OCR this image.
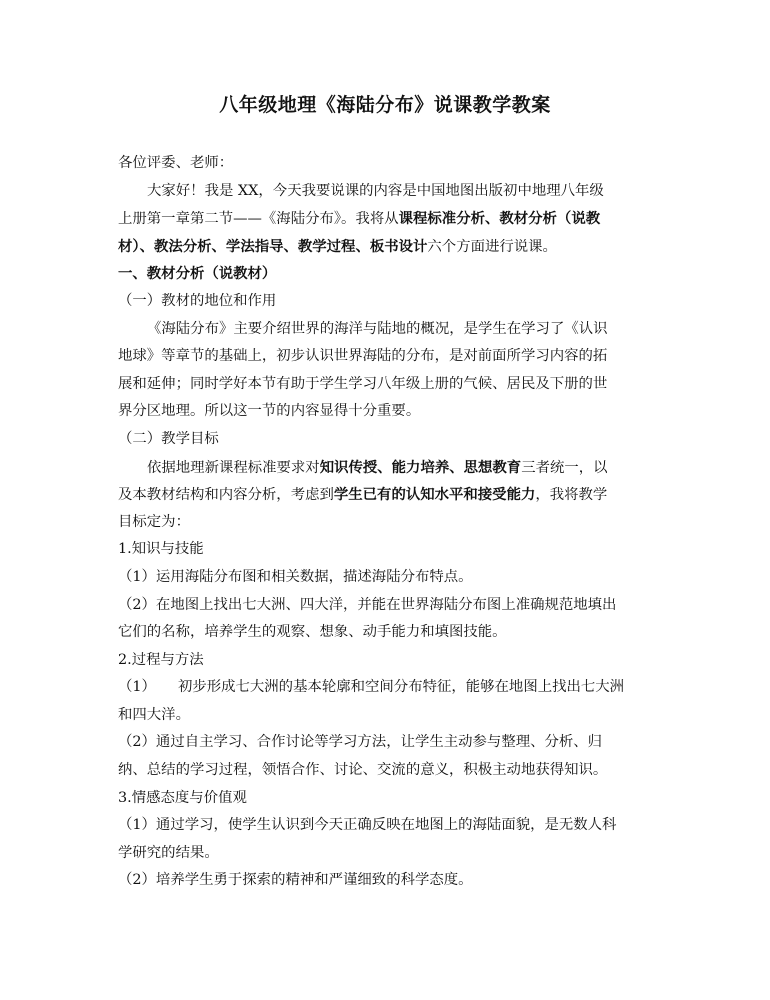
八年级地理《海陆分布》说课教学教案
各位评委、老师：
大家好！我是 XX，今天我要说课的内容是中国地图出版初中地理八年级
上册第一章第二节——《海陆分布》。我将从课程标准分析、教材分析（说教
材）、教法分析、学法指导、教学过程、板书设计六个方面进行说课。
一、教材分析（说教材）
（一）教材的地位和作用
《海陆分布》主要介绍世界的海洋与陆地的概况，是学生在学习了《认识
地球》等章节的基础上，初步认识世界海陆的分布，是对前面所学习内容的拓
展和延伸；同时学好本节有助于学生学习八年级上册的气候、居民及下册的世
界分区地理。所以这一节的内容显得十分重要。
（二）教学目标
依据地理新课程标准要求对知识传授、能力培养、思想教育三者统一，以
及本教材结构和内容分析，考虑到学生已有的认知水平和接受能力，我将教学
目标定为：
1.知识与技能
（1）运用海陆分布图和相关数据，描述海陆分布特点。
（2）在地图上找出七大洲、四大洋，并能在世界海陆分布图上准确规范地填出
它们的名称，培养学生的观察、想象、动手能力和填图技能。
2.过程与方法
（1） 初步形成七大洲的基本轮廓和空间分布特征，能够在地图上找出七大洲
和四大洋。
（2）通过自主学习、合作讨论等学习方法，让学生主动参与整理、分析、归
纳、总结的学习过程，领悟合作、讨论、交流的意义，积极主动地获得知识。
3.情感态度与价值观
（1）通过学习，使学生认识到今天正确反映在地图上的海陆面貌，是无数人科
学研究的结果。
（2）培养学生勇于探索的精神和严谨细致的科学态度。
